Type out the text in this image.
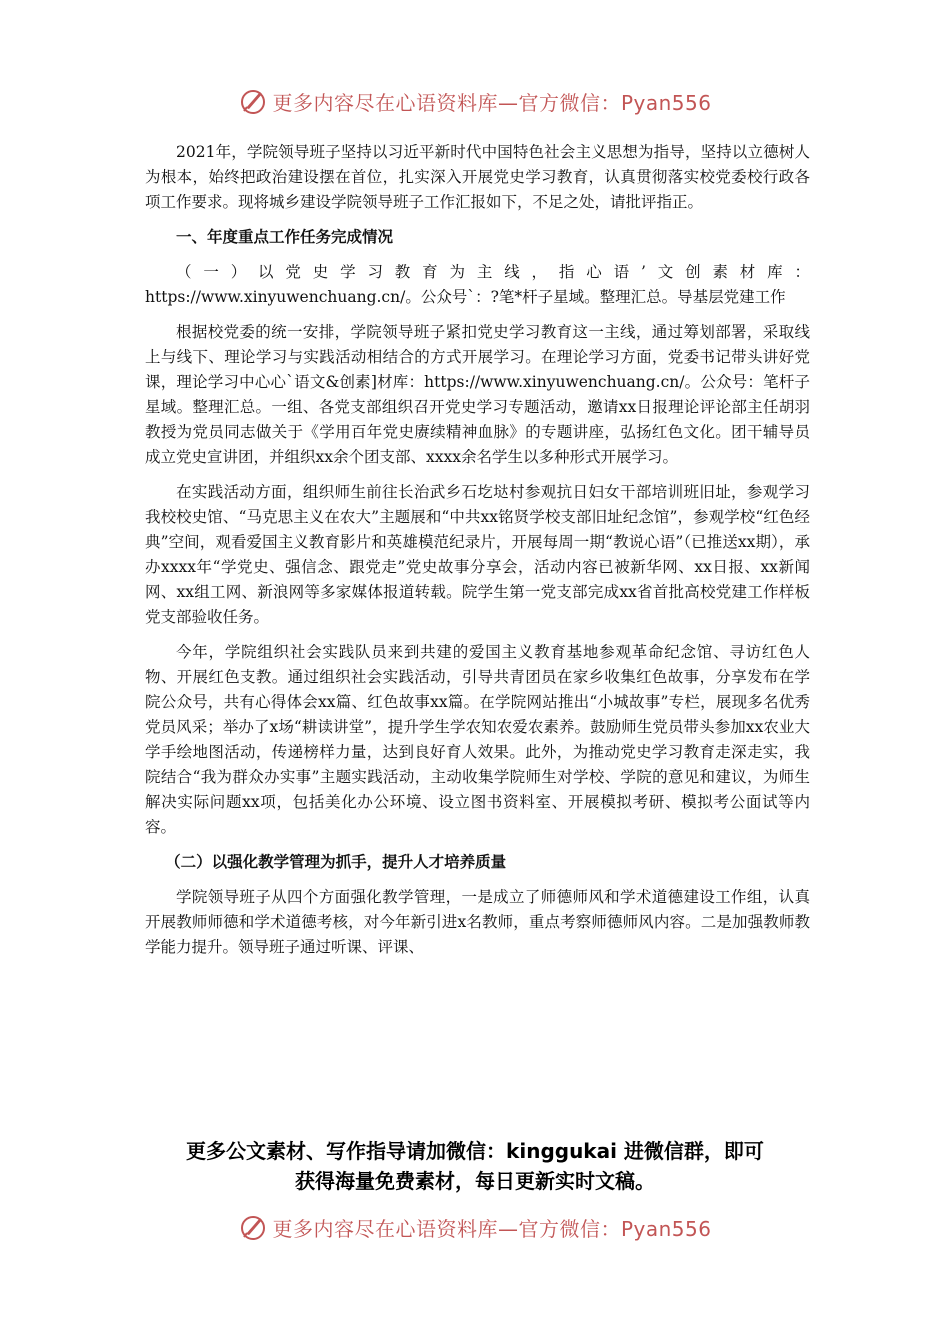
更多内容尽在心语资料库—官方微信：Pyan556

2021年，学院领导班子坚持以习近平新时代中国特色社会主义思想为指导，坚持以立德树人为根本，始终把政治建设摆在首位，扎实深入开展党史学习教育，认真贯彻落实校党委校行政各项工作要求。现将城乡建设学院领导班子工作汇报如下，不足之处，请批评指正。

一、年度重点工作任务完成情况

（一）以党史学习教育为主线，指心语’文创素材库：https://www.xinyuwenchuang.cn/。公众号`：?笔*杆子星域。整理汇总。导基层党建工作

根据校党委的统一安排，学院领导班子紧扣党史学习教育这一主线，通过筹划部署，采取线上与线下、理论学习与实践活动相结合的方式开展学习。在理论学习方面，党委书记带头讲好党课，理论学习中心心`语文&创素]材库：https://www.xinyuwenchuang.cn/。公众号：笔杆子星域。整理汇总。一组、各党支部组织召开党史学习专题活动，邀请xx日报理论评论部主任胡羽教授为党员同志做关于《学用百年党史赓续精神血脉》的专题讲座，弘扬红色文化。团干辅导员成立党史宣讲团，并组织xx余个团支部、xxxx余名学生以多种形式开展学习。

在实践活动方面，组织师生前往长治武乡石圪垯村参观抗日妇女干部培训班旧址，参观学习我校校史馆、“马克思主义在农大”主题展和“中共xx铭贤学校支部旧址纪念馆”，参观学校“红色经典”空间，观看爱国主义教育影片和英雄模范纪录片，开展每周一期“教说心语”（已推送xx期），承办xxxx年“学党史、强信念、跟党走”党史故事分享会，活动内容已被新华网、xx日报、xx新闻网、xx组工网、新浪网等多家媒体报道转载。院学生第一党支部完成xx省首批高校党建工作样板党支部验收任务。

今年，学院组织社会实践队员来到共建的爱国主义教育基地参观革命纪念馆、寻访红色人物、开展红色支教。通过组织社会实践活动，引导共青团员在家乡收集红色故事，分享发布在学院公众号，共有心得体会xx篇、红色故事xx篇。在学院网站推出“小城故事”专栏，展现多名优秀党员风采；举办了x场“耕读讲堂”，提升学生学农知农爱农素养。鼓励师生党员带头参加xx农业大学手绘地图活动，传递榜样力量，达到良好育人效果。此外，为推动党史学习教育走深走实，我院结合“我为群众办实事”主题实践活动，主动收集学院师生对学校、学院的意见和建议，为师生解决实际问题xx项，包括美化办公环境、设立图书资料室、开展模拟考研、模拟考公面试等内容。

（二）以强化教学管理为抓手，提升人才培养质量

学院领导班子从四个方面强化教学管理，一是成立了师德师风和学术道德建设工作组，认真开展教师师德和学术道德考核，对今年新引进x名教师，重点考察师德师风内容。二是加强教师教学能力提升。领导班子通过听课、评课、

更多公文素材、写作指导请加微信：kinggukai 进微信群，即可
获得海量免费素材，每日更新实时文稿。
更多内容尽在心语资料库—官方微信：Pyan556
